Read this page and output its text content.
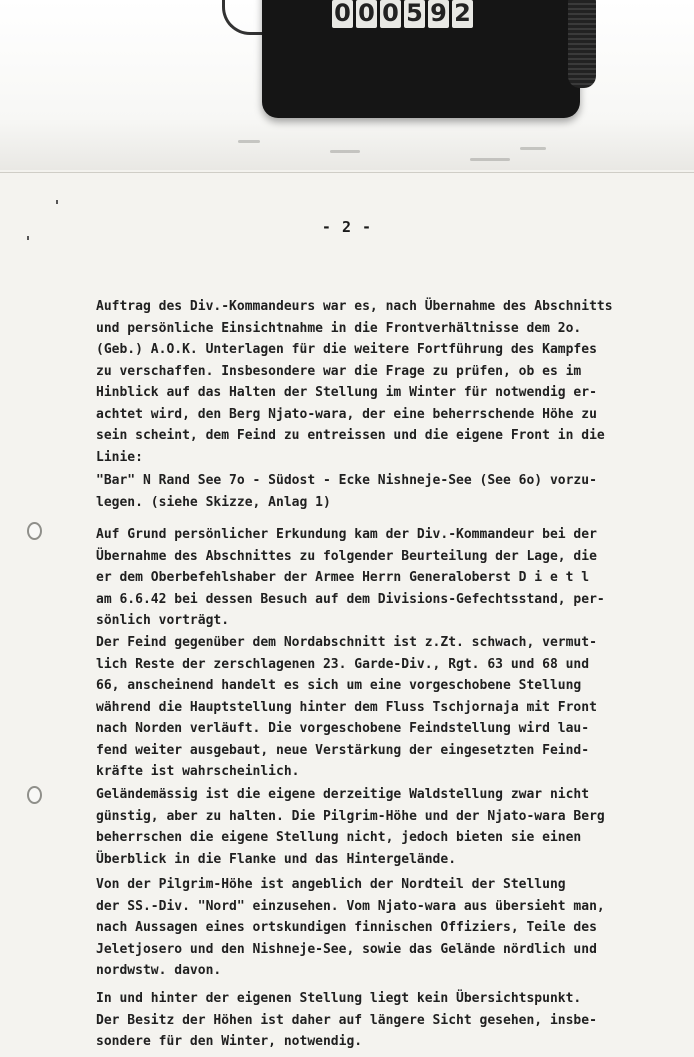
0 0 0 5 9 2
- 2 -
Auftrag des Div.-Kommandeurs war es, nach Übernahme des Abschnitts
und persönliche Einsichtnahme in die Frontverhältnisse dem 2o.
(Geb.) A.O.K. Unterlagen für die weitere Fortführung des Kampfes
zu verschaffen. Insbesondere war die Frage zu prüfen, ob es im
Hinblick auf das Halten der Stellung im Winter für notwendig er-
achtet wird, den Berg Njato-wara, der eine beherrschende Höhe zu
sein scheint, dem Feind zu entreissen und die eigene Front in die
Linie:
"Bar" N Rand See 7o - Südost - Ecke Nishneje-See (See 6o) vorzu-
legen. (siehe Skizze, Anlag 1)
Auf Grund persönlicher Erkundung kam der Div.-Kommandeur bei der
Übernahme des Abschnittes zu folgender Beurteilung der Lage, die
er dem Oberbefehlshaber der Armee Herrn Generaloberst D i e t l
am 6.6.42 bei dessen Besuch auf dem Divisions-Gefechtsstand, per-
sönlich vorträgt.
Der Feind gegenüber dem Nordabschnitt ist z.Zt. schwach, vermut-
lich Reste der zerschlagenen 23. Garde-Div., Rgt. 63 und 68 und
66, anscheinend handelt es sich um eine vorgeschobene Stellung
während die Hauptstellung hinter dem Fluss Tschjornaja mit Front
nach Norden verläuft. Die vorgeschobene Feindstellung wird lau-
fend weiter ausgebaut, neue Verstärkung der eingesetzten Feind-
kräfte ist wahrscheinlich.
Geländemässig ist die eigene derzeitige Waldstellung zwar nicht
günstig, aber zu halten. Die Pilgrim-Höhe und der Njato-wara Berg
beherrschen die eigene Stellung nicht, jedoch bieten sie einen
Überblick in die Flanke und das Hintergelände.
Von der Pilgrim-Höhe ist angeblich der Nordteil der Stellung
der SS.-Div. "Nord" einzusehen. Vom Njato-wara aus übersieht man,
nach Aussagen eines ortskundigen finnischen Offiziers, Teile des
Jeletjosero und den Nishneje-See, sowie das Gelände nördlich und
nordwstw. davon.
In und hinter der eigenen Stellung liegt kein Übersichtspunkt.
Der Besitz der Höhen ist daher auf längere Sicht gesehen, insbe-
sondere für den Winter, notwendig.
